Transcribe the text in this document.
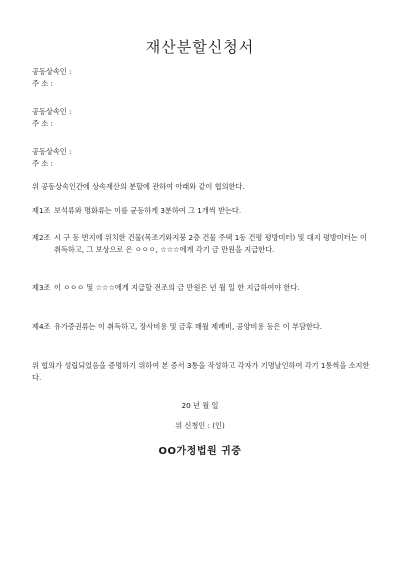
재산분할신청서
공동상속인 :
주 소 :
공동상속인 :
주 소 :
공동상속인 :
주 소 :
위 공동상속인간에 상속재산의 분할에 관하여 아래와 같이 협의한다.
제1조 보석류와 명화류는 이를 균등하게 3분하여 그 1개씩 받는다.
제2조 시 구 동 번지에 위치한 건물(목조기와지붕 2층 건물 주택 1동 건평 평방미터) 및 대지 평방미터는 이 취득하고, 그 보상으로 은 ㅇㅇㅇ, ☆☆☆에게 각기 금 만원을 지급한다.
제3조 이 ㅇㅇㅇ 및 ☆☆☆에게 지급할 전조의 금 만원은 년 월 일 한 지급하여야 한다.
제4조 유가증권류는 이 취득하고, 장사비용 및 금후 매월 제례비, 공양비용 등은 이 부담한다.
위 협의가 성립되었음을 증명하기 위하여 본 증서 3통을 작성하고 각자가 기명날인하여 각기 1통씩을 소지한다.
20 년 월 일
위 신청인 : (인)
OO가정법원 귀중
